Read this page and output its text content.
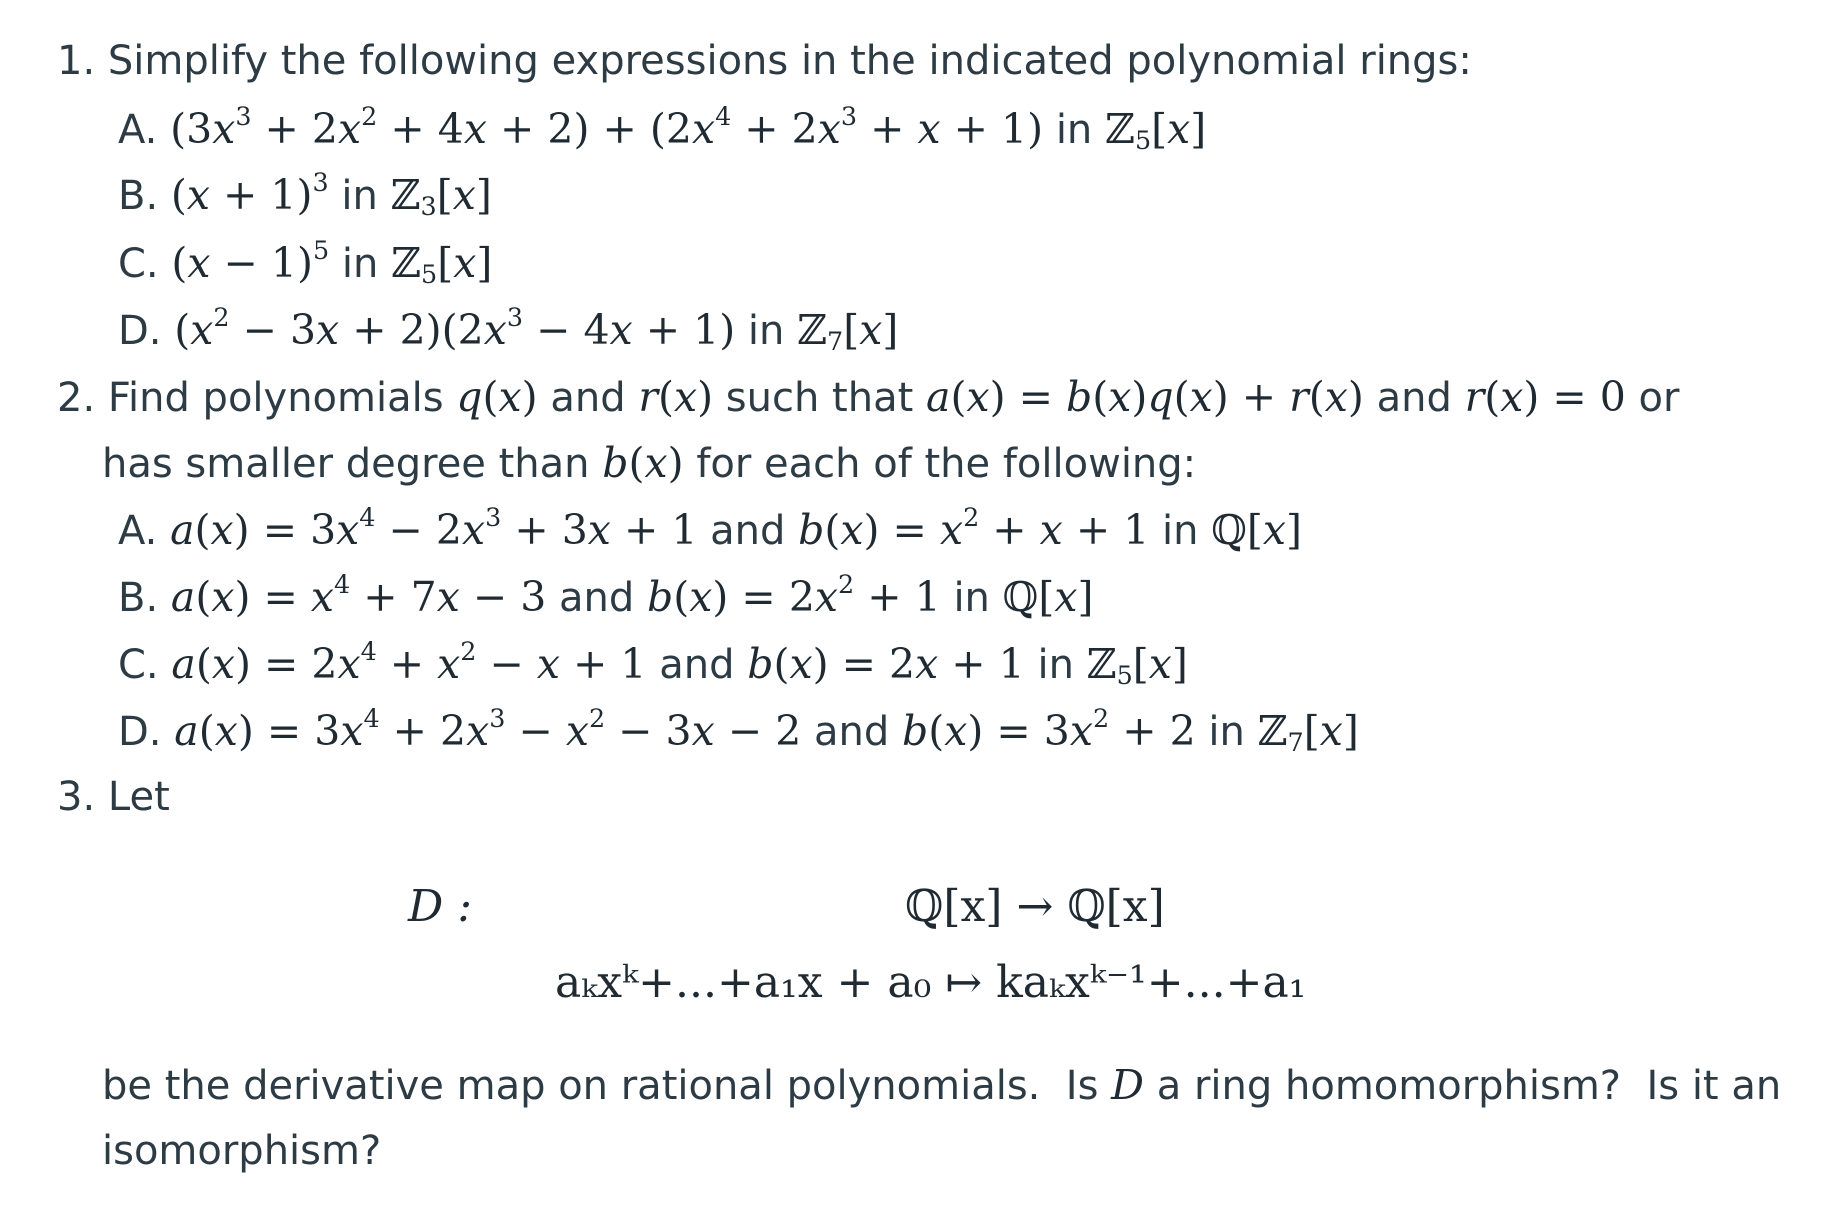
1. Simplify the following expressions in the indicated polynomial rings:
A. $(3x^3 + 2x^2 + 4x + 2) + (2x^4 + 2x^3 + x + 1)$ in ℤ$_5$[x]
B. $(x + 1)^3$ in ℤ$_3$[x]
C. $(x - 1)^5$ in ℤ$_5$[x]
D. $(x^2 - 3x + 2)(2x^3 - 4x + 1)$ in ℤ$_7$[x]
2. Find polynomials q(x) and r(x) such that a(x) = b(x)q(x) + r(x) and r(x) = 0 or
has smaller degree than b(x) for each of the following:
A. $a(x) = 3x^4 - 2x^3 + 3x + 1$ and $b(x) = x^2 + x + 1$ in ℚ[x]
B. $a(x) = x^4 + 7x - 3$ and $b(x) = 2x^2 + 1$ in ℚ[x]
C. $a(x) = 2x^4 + x^2 - x + 1$ and b(x) = 2x + 1 in ℤ$_5$[x]
D. $a(x) = 3x^4 + 2x^3 - x^2 - 3x - 2$ and $b(x) = 3x^2 + 2$ in ℤ$_7$[x]
3. Let
D :	ℚ[x] → ℚ[x]
aₖxᵏ+...+a₁x + a₀ ↦ kaₖxᵏ⁻¹+...+a₁
be the derivative map on rational polynomials.  Is D a ring homomorphism?  Is it an
isomorphism?
